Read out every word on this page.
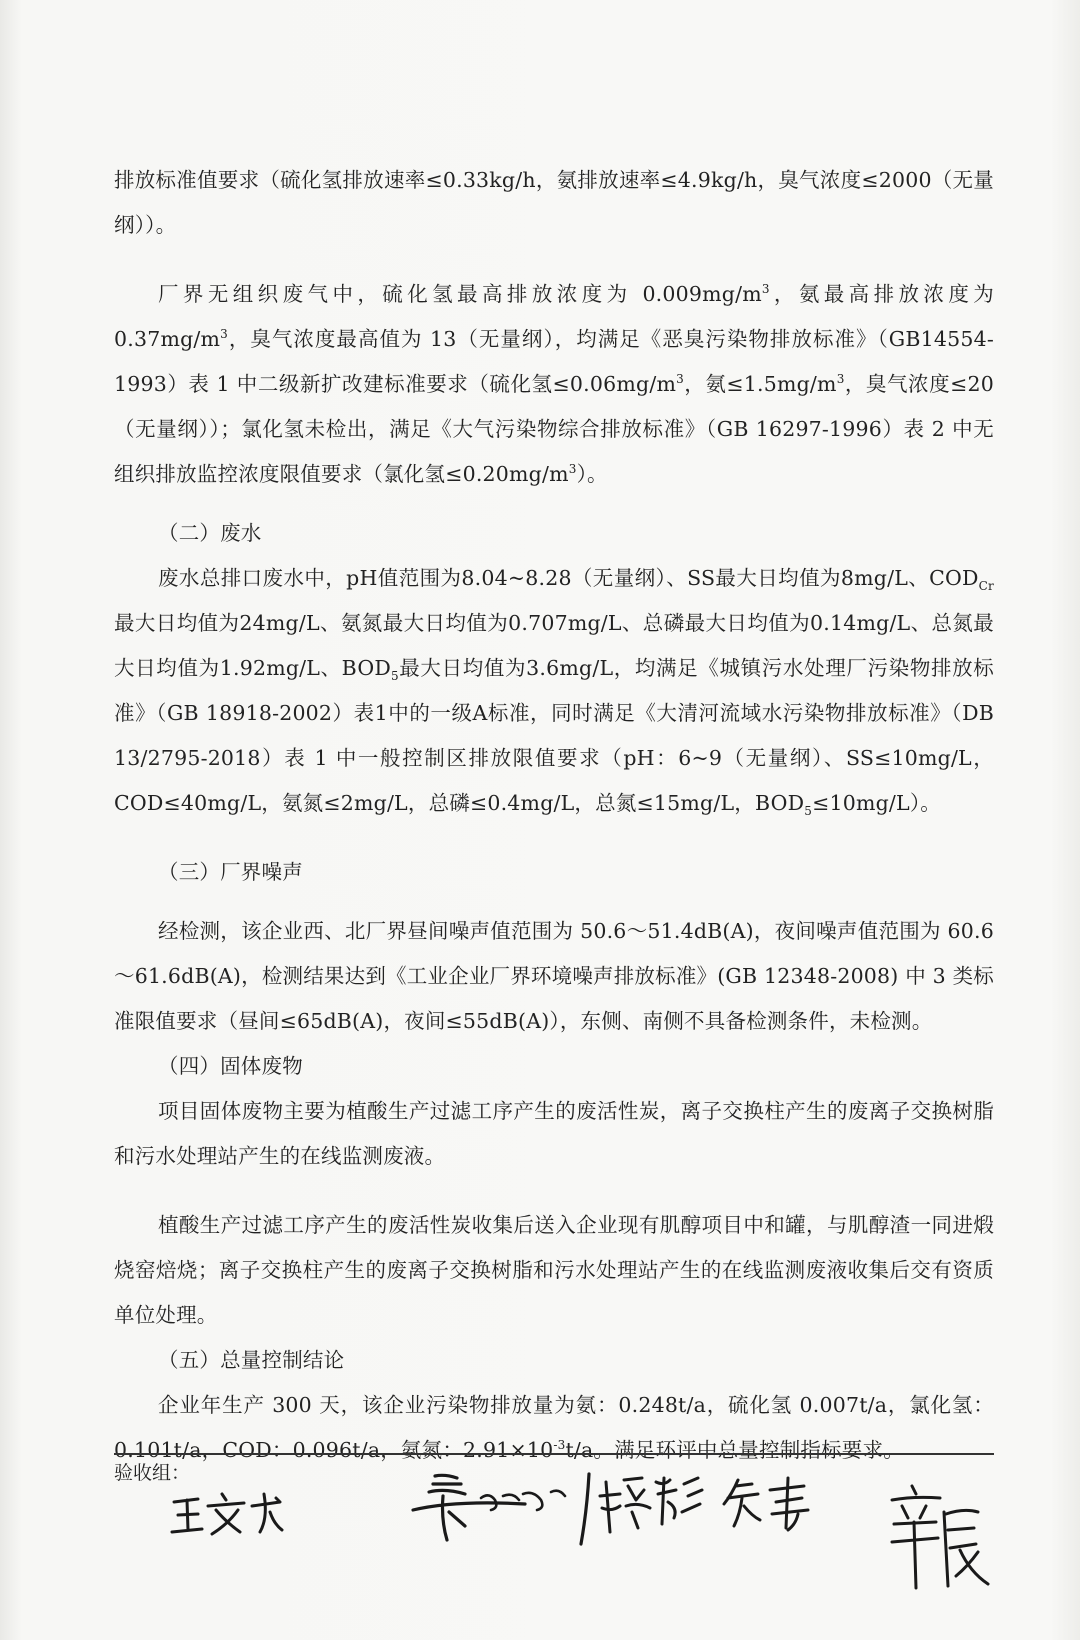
排放标准值要求（硫化氢排放速率≤0.33kg/h，氨排放速率≤4.9kg/h，臭气浓度≤2000（无量纲））。

厂界无组织废气中，硫化氢最高排放浓度为 $0.009mg/m^3$，氨最高排放浓度为 $0.37mg/m^3$，臭气浓度最高值为 13（无量纲），均满足《恶臭污染物排放标准》（GB14554-1993）表 1 中二级新扩改建标准要求（硫化氢$\le 0.06mg/m^3$，氨$\le 1.5mg/m^3$，臭气浓度≤20（无量纲））；氯化氢未检出，满足《大气污染物综合排放标准》（GB 16297-1996）表 2 中无组织排放监控浓度限值要求（氯化氢$\le 0.20mg/m^3$）。

（二）废水

废水总排口废水中，pH值范围为8.04~8.28（无量纲）、SS最大日均值为8mg/L、$COD_{Cr}$最大日均值为24mg/L、氨氮最大日均值为0.707mg/L、总磷最大日均值为0.14mg/L、总氮最大日均值为1.92mg/L、$BOD_5$最大日均值为3.6mg/L，均满足《城镇污水处理厂污染物排放标准》（GB 18918-2002）表1中的一级A标准，同时满足《大清河流域水污染物排放标准》（DB 13/2795-2018）表 1 中一般控制区排放限值要求（pH：6~9（无量纲）、SS≤10mg/L，COD≤40mg/L，氨氮≤2mg/L，总磷≤0.4mg/L，总氮≤15mg/L，$BOD_5\le 10mg/L$）。

（三）厂界噪声

经检测，该企业西、北厂界昼间噪声值范围为 50.6～51.4dB(A)，夜间噪声值范围为 60.6～61.6dB(A)，检测结果达到《工业企业厂界环境噪声排放标准》(GB 12348-2008) 中 3 类标准限值要求（昼间≤65dB(A)，夜间≤55dB(A)），东侧、南侧不具备检测条件，未检测。

（四）固体废物

项目固体废物主要为植酸生产过滤工序产生的废活性炭，离子交换柱产生的废离子交换树脂和污水处理站产生的在线监测废液。

植酸生产过滤工序产生的废活性炭收集后送入企业现有肌醇项目中和罐，与肌醇渣一同进煅烧窑焙烧；离子交换柱产生的废离子交换树脂和污水处理站产生的在线监测废液收集后交有资质单位处理。

（五）总量控制结论

企业年生产 300 天，该企业污染物排放量为氨：0.248t/a，硫化氢 0.007t/a，氯化氢：0.101t/a，COD：0.096t/a，氨氮：$2.91\times 10^{-3}t/a$。满足环评中总量控制指标要求。

验收组：
